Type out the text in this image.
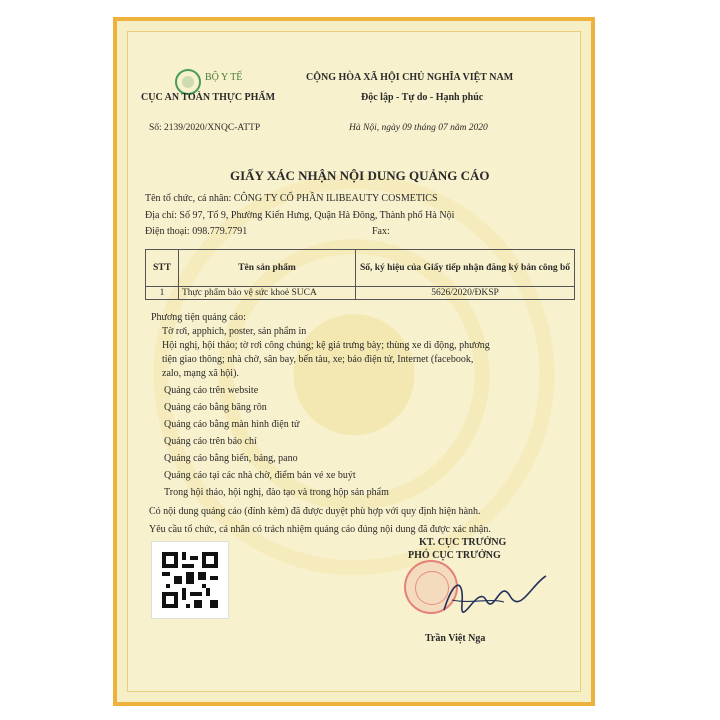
BỘ Y TẾ
CỤC AN TOÀN THỰC PHẨM
Số: 2139/2020/XNQC-ATTP
CỘNG HÒA XÃ HỘI CHỦ NGHĨA VIỆT NAM
Độc lập - Tự do - Hạnh phúc
Hà Nội, ngày 09 tháng 07 năm 2020
GIẤY XÁC NHẬN NỘI DUNG QUẢNG CÁO
Tên tổ chức, cá nhân: CÔNG TY CỔ PHẦN ILIBEAUTY COSMETICS
Địa chỉ: Số 97, Tổ 9, Phường Kiến Hưng, Quận Hà Đông, Thành phố Hà Nội
Điện thoại: 098.779.7791	Fax:
STT	Tên sản phẩm	Số, ký hiệu của Giấy tiếp nhận đăng ký bản công bố
1	Thực phẩm bảo vệ sức khoẻ SUCA	5626/2020/ĐKSP
Phương tiện quảng cáo:
Tờ rơi, apphich, poster, sản phẩm in
Hội nghị, hội thảo; tờ rơi công chúng; kệ giá trưng bày; thùng xe di động, phương
tiện giao thông; nhà chờ, sân bay, bến tàu, xe; báo điện tử, Internet (facebook,
zalo, mạng xã hội).
Quảng cáo trên website
Quảng cáo bằng băng rôn
Quảng cáo bằng màn hình điện tử
Quảng cáo trên báo chí
Quảng cáo bằng biển, bảng, pano
Quảng cáo tại các nhà chờ, điểm bán vé xe buýt
Trong hội thảo, hội nghị, đào tạo và trong hộp sản phẩm
Có nội dung quảng cáo (đính kèm) đã được duyệt phù hợp với quy định hiện hành.
Yêu cầu tổ chức, cá nhân có trách nhiệm quảng cáo đúng nội dung đã được xác nhận.
KT. CỤC TRƯỞNG
PHÓ CỤC TRƯỞNG
Trần Việt Nga
